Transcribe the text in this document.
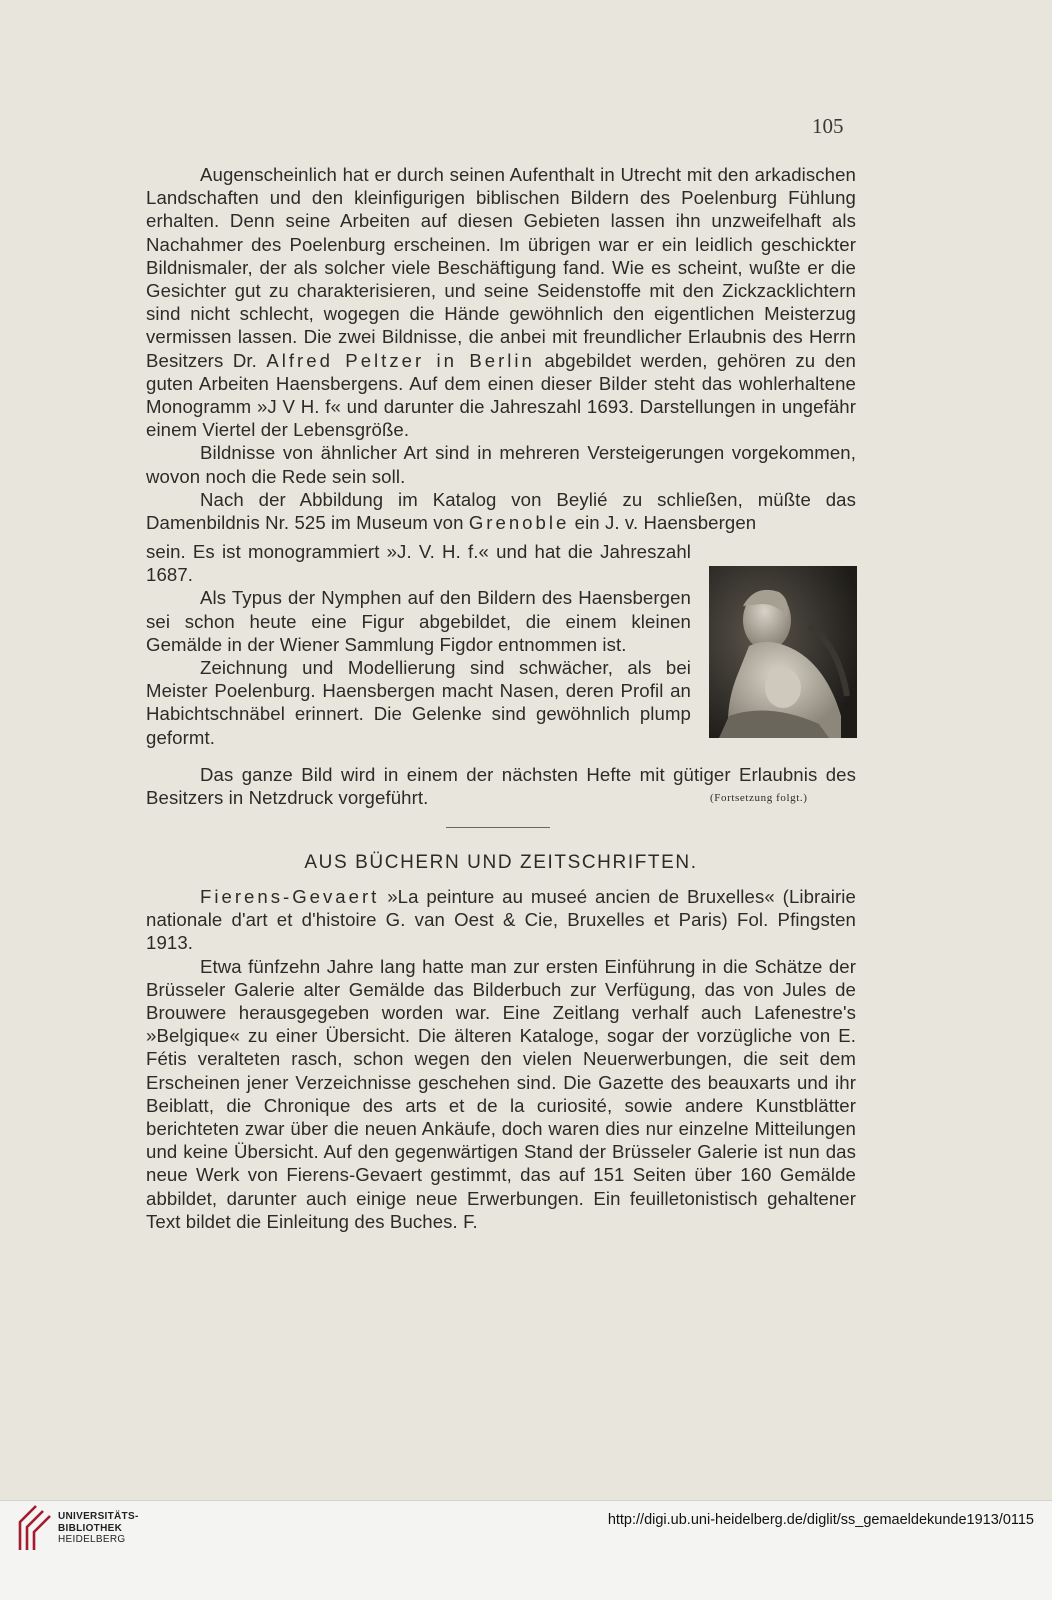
105

Augenscheinlich hat er durch seinen Aufenthalt in Utrecht mit den arkadischen Landschaften und den kleinfigurigen biblischen Bildern des Poelenburg Fühlung erhalten. Denn seine Arbeiten auf diesen Gebieten lassen ihn unzweifelhaft als Nachahmer des Poelenburg erscheinen. Im übrigen war er ein leidlich geschickter Bildnismaler, der als solcher viele Beschäftigung fand. Wie es scheint, wußte er die Gesichter gut zu charakterisieren, und seine Seidenstoffe mit den Zickzacklichtern sind nicht schlecht, wogegen die Hände gewöhnlich den eigentlichen Meisterzug vermissen lassen. Die zwei Bildnisse, die anbei mit freundlicher Erlaubnis des Herrn Besitzers Dr. Alfred Peltzer in Berlin abgebildet werden, gehören zu den guten Arbeiten Haensbergens. Auf dem einen dieser Bilder steht das wohlerhaltene Monogramm »J V H. f« und darunter die Jahreszahl 1693. Darstellungen in ungefähr einem Viertel der Lebensgröße.

Bildnisse von ähnlicher Art sind in mehreren Versteigerungen vorgekommen, wovon noch die Rede sein soll.

Nach der Abbildung im Katalog von Beylié zu schließen, müßte das Damenbildnis Nr. 525 im Museum von Grenoble ein J. v. Haensbergen

sein. Es ist monogrammiert »J. V. H. f.« und hat die Jahreszahl 1687.

Als Typus der Nymphen auf den Bildern des Haensbergen sei schon heute eine Figur abgebildet, die einem kleinen Gemälde in der Wiener Sammlung Figdor entnommen ist.

Zeichnung und Modellierung sind schwächer, als bei Meister Poelenburg. Haensbergen macht Nasen, deren Profil an Habichtschnäbel erinnert. Die Gelenke sind gewöhnlich plump geformt.

Das ganze Bild wird in einem der nächsten Hefte mit gütiger Erlaubnis des Besitzers in Netzdruck vorgeführt.	(Fortsetzung folgt.)
AUS BÜCHERN UND ZEITSCHRIFTEN.

Fierens-Gevaert »La peinture au museé ancien de Bruxelles« (Librairie nationale d'art et d'histoire G. van Oest & Cie, Bruxelles et Paris) Fol. Pfingsten 1913.

Etwa fünfzehn Jahre lang hatte man zur ersten Einführung in die Schätze der Brüsseler Galerie alter Gemälde das Bilderbuch zur Verfügung, das von Jules de Brouwere herausgegeben worden war. Eine Zeitlang verhalf auch Lafenestre's »Belgique« zu einer Übersicht. Die älteren Kataloge, sogar der vorzügliche von E. Fétis veralteten rasch, schon wegen den vielen Neuerwerbungen, die seit dem Erscheinen jener Verzeichnisse geschehen sind. Die Gazette des beauxarts und ihr Beiblatt, die Chronique des arts et de la curiosité, sowie andere Kunstblätter berichteten zwar über die neuen Ankäufe, doch waren dies nur einzelne Mitteilungen und keine Übersicht. Auf den gegenwärtigen Stand der Brüsseler Galerie ist nun das neue Werk von Fierens-Gevaert gestimmt, das auf 151 Seiten über 160 Gemälde abbildet, darunter auch einige neue Erwerbungen. Ein feuilletonistisch gehaltener Text bildet die Einleitung des Buches. F.

UNIVERSITÄTS-
BIBLIOTHEK
HEIDELBERG
http://digi.ub.uni-heidelberg.de/diglit/ss_gemaeldekunde1913/0115
